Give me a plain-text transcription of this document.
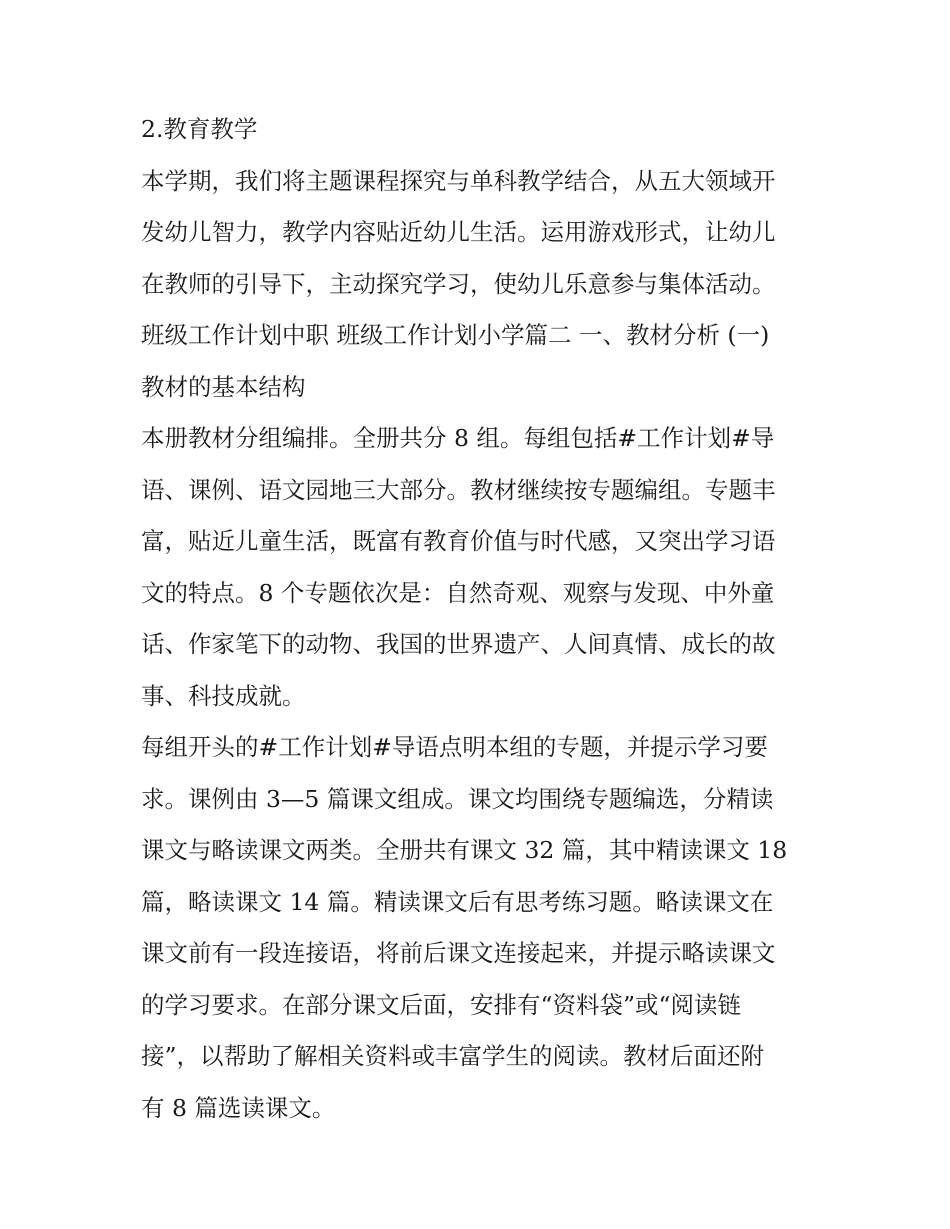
2.教育教学
本学期，我们将主题课程探究与单科教学结合，从五大领域开
发幼儿智力，教学内容贴近幼儿生活。运用游戏形式，让幼儿
在教师的引导下，主动探究学习，使幼儿乐意参与集体活动。
班级工作计划中职 班级工作计划小学篇二 一、教材分析 (一)
教材的基本结构
本册教材分组编排。全册共分 8 组。每组包括#工作计划#导
语、课例、语文园地三大部分。教材继续按专题编组。专题丰
富，贴近儿童生活，既富有教育价值与时代感，又突出学习语
文的特点。8 个专题依次是：自然奇观、观察与发现、中外童
话、作家笔下的动物、我国的世界遗产、人间真情、成长的故
事、科技成就。
每组开头的#工作计划#导语点明本组的专题，并提示学习要
求。课例由 3—5 篇课文组成。课文均围绕专题编选，分精读
课文与略读课文两类。全册共有课文 32 篇，其中精读课文 18
篇，略读课文 14 篇。精读课文后有思考练习题。略读课文在
课文前有一段连接语，将前后课文连接起来，并提示略读课文
的学习要求。在部分课文后面，安排有“资料袋”或“阅读链
接”，以帮助了解相关资料或丰富学生的阅读。教材后面还附
有 8 篇选读课文。
